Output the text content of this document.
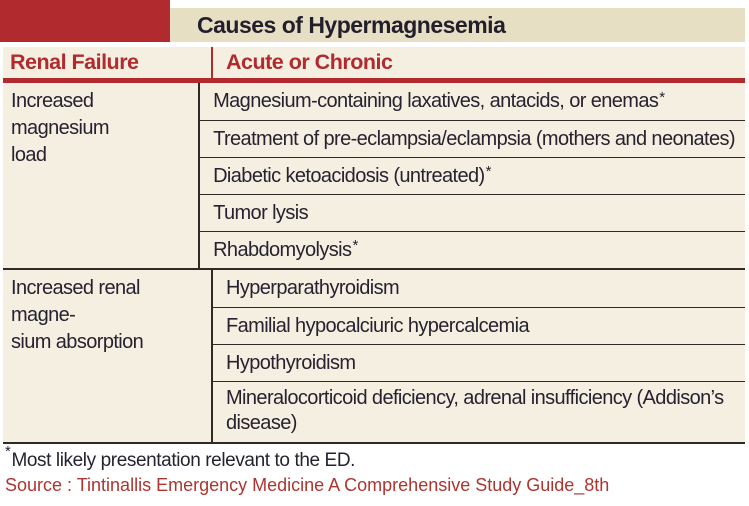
Causes of Hypermagnesemia
Renal Failure	Acute or Chronic
Increased magnesium
load
Magnesium-containing laxatives, antacids, or enemas*
Treatment of pre-eclampsia/eclampsia (mothers and neonates)
Diabetic ketoacidosis (untreated)*
Tumor lysis
Rhabdomyolysis*
Increased renal magne-
sium absorption
Hyperparathyroidism
Familial hypocalciuric hypercalcemia
Hypothyroidism
Mineralocorticoid deficiency, adrenal insufficiency (Addison’s
disease)
*Most likely presentation relevant to the ED.
Source : Tintinallis Emergency Medicine A Comprehensive Study Guide_8th
